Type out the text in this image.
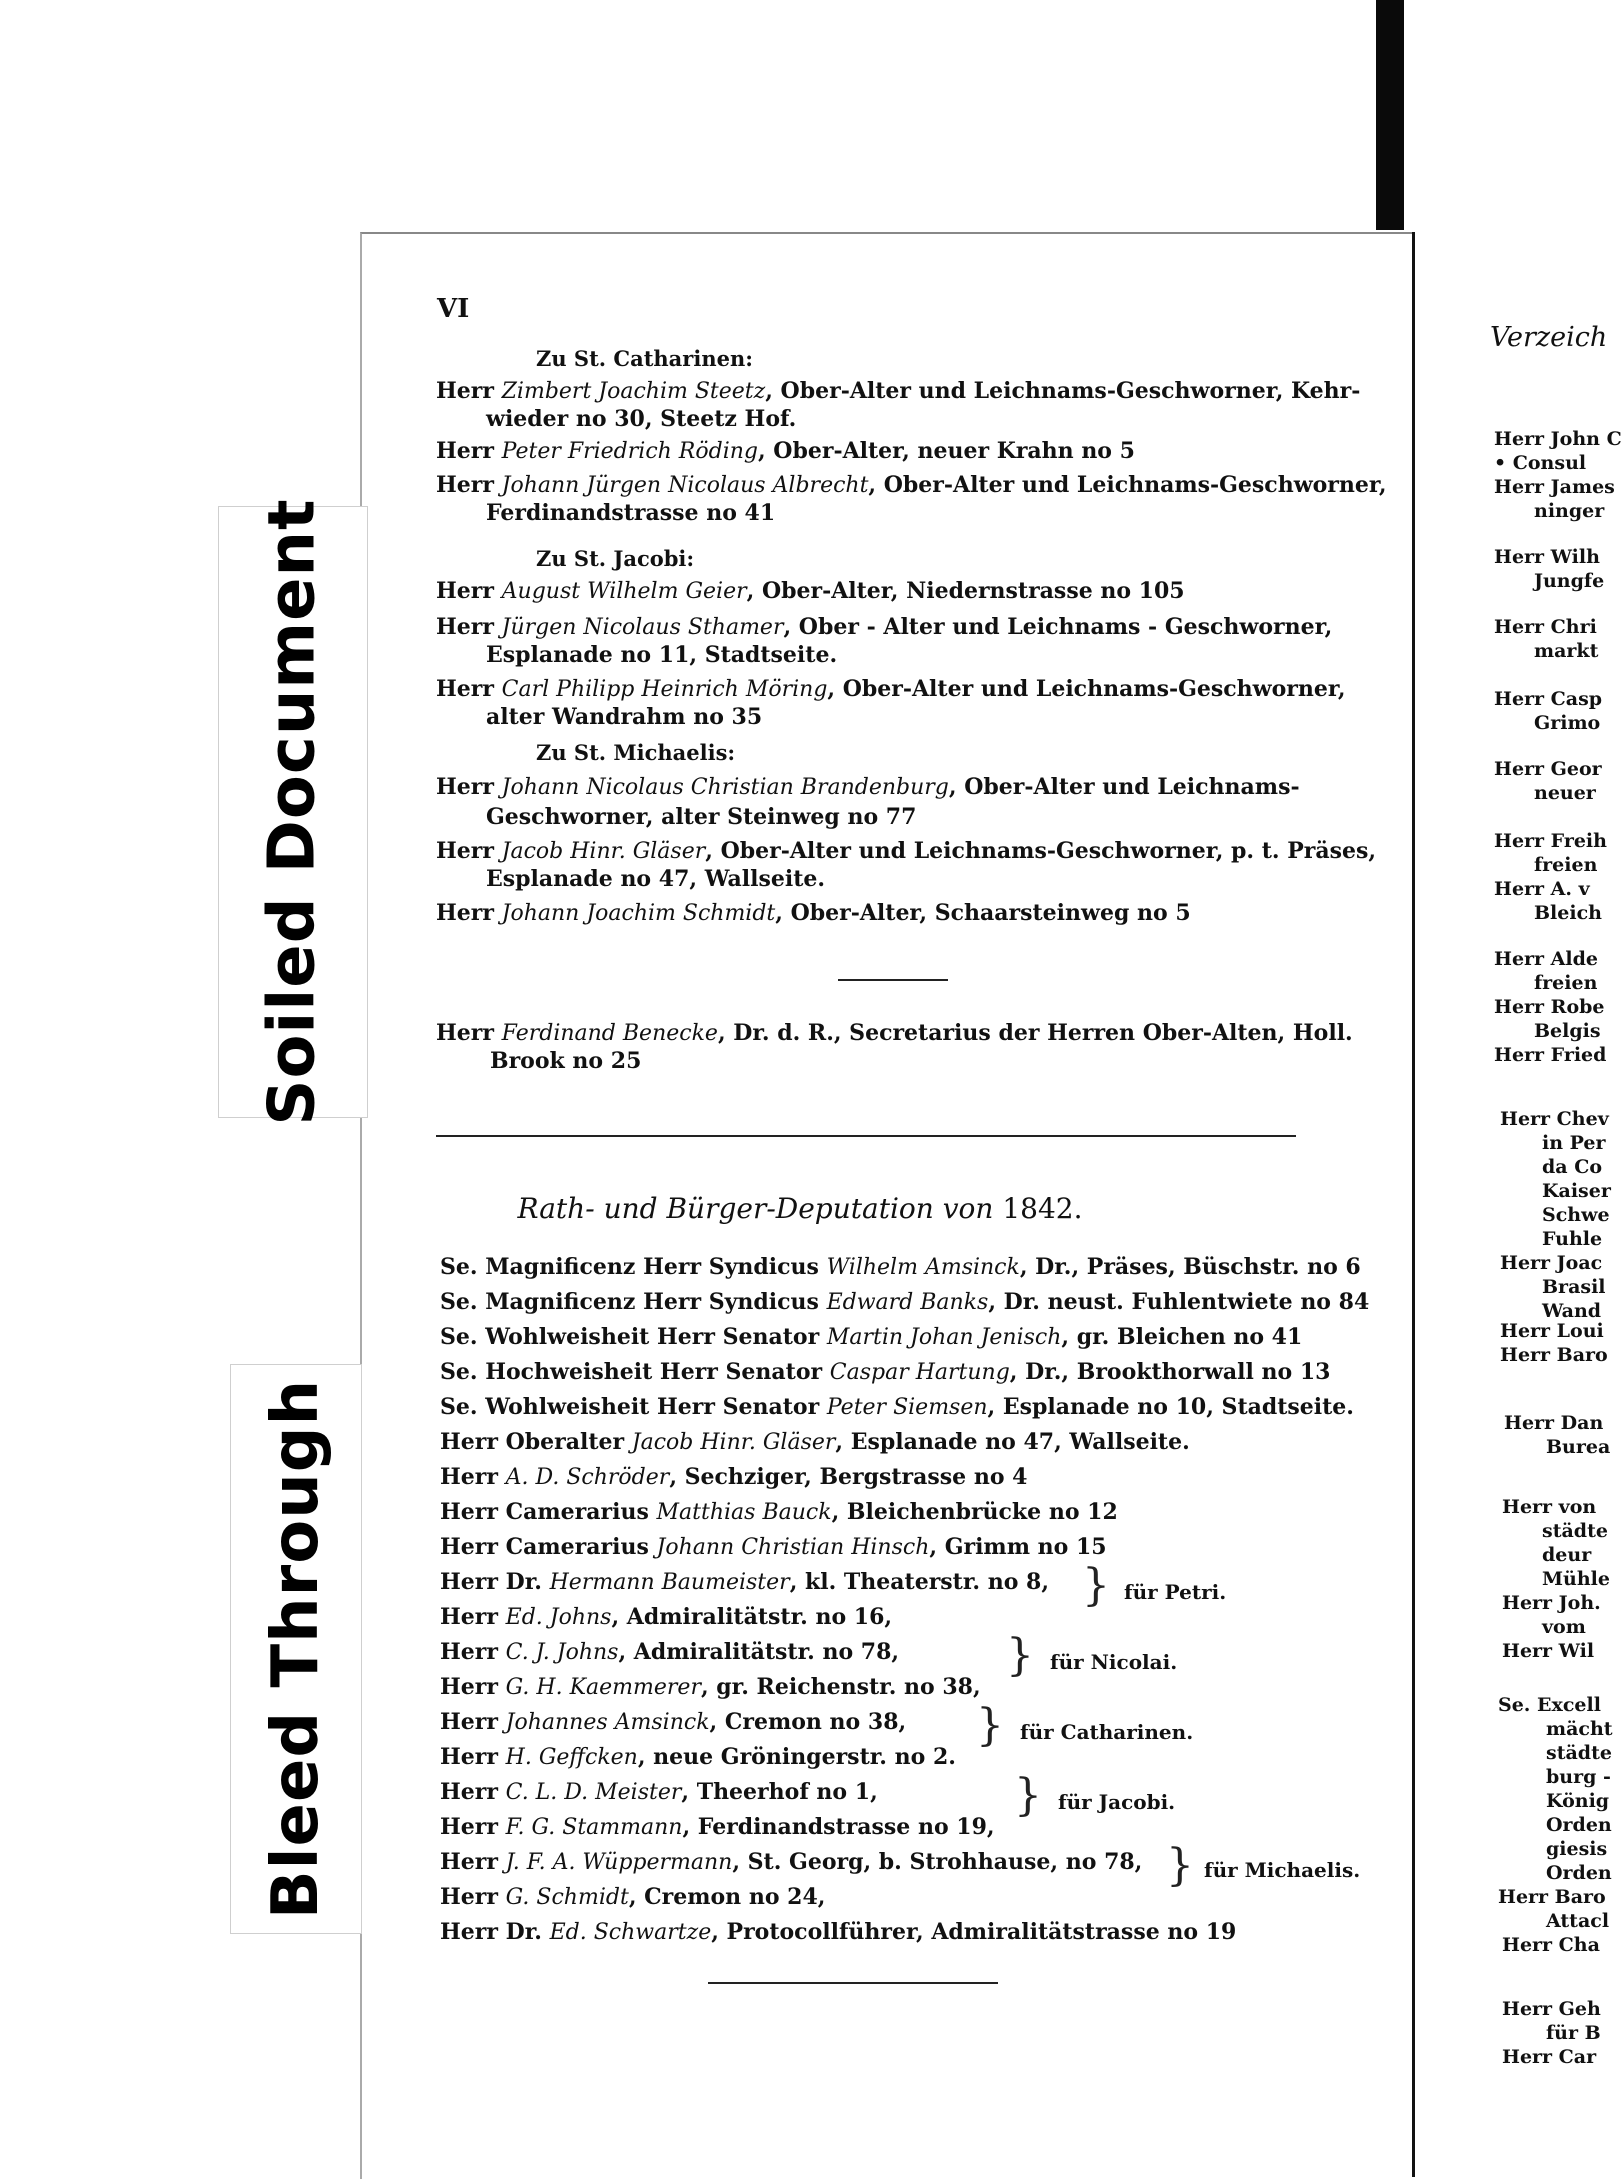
Soiled Document
Bleed Through
VI
Zu St. Catharinen:
Herr Zimbert Joachim Steetz, Ober-Alter und Leichnams-Geschworner, Kehr-
wieder no 30, Steetz Hof.
Herr Peter Friedrich Röding, Ober-Alter, neuer Krahn no 5
Herr Johann Jürgen Nicolaus Albrecht, Ober-Alter und Leichnams-Geschworner,
Ferdinandstrasse no 41
Zu St. Jacobi:
Herr August Wilhelm Geier, Ober-Alter, Niedernstrasse no 105
Herr Jürgen Nicolaus Sthamer, Ober - Alter und Leichnams - Geschworner,
Esplanade no 11, Stadtseite.
Herr Carl Philipp Heinrich Möring, Ober-Alter und Leichnams-Geschworner,
alter Wandrahm no 35
Zu St. Michaelis:
Herr Johann Nicolaus Christian Brandenburg, Ober-Alter und Leichnams-
Geschworner, alter Steinweg no 77
Herr Jacob Hinr. Gläser, Ober-Alter und Leichnams-Geschworner, p. t. Präses,
Esplanade no 47, Wallseite.
Herr Johann Joachim Schmidt, Ober-Alter, Schaarsteinweg no 5
Herr Ferdinand Benecke, Dr. d. R., Secretarius der Herren Ober-Alten, Holl.
Brook no 25
Rath- und Bürger-Deputation von 1842.
Se. Magnificenz Herr Syndicus Wilhelm Amsinck, Dr., Präses, Büschstr. no 6
Se. Magnificenz Herr Syndicus Edward Banks, Dr. neust. Fuhlentwiete no 84
Se. Wohlweisheit Herr Senator Martin Johan Jenisch, gr. Bleichen no 41
Se. Hochweisheit Herr Senator Caspar Hartung, Dr., Brookthorwall no 13
Se. Wohlweisheit Herr Senator Peter Siemsen, Esplanade no 10, Stadtseite.
Herr Oberalter Jacob Hinr. Gläser, Esplanade no 47, Wallseite.
Herr A. D. Schröder, Sechziger, Bergstrasse no 4
Herr Camerarius Matthias Bauck, Bleichenbrücke no 12
Herr Camerarius Johann Christian Hinsch, Grimm no 15
Herr Dr. Hermann Baumeister, kl. Theaterstr. no 8,
Herr Ed. Johns, Admiralitätstr. no 16,
} für Petri.
Herr C. J. Johns, Admiralitätstr. no 78,
Herr G. H. Kaemmerer, gr. Reichenstr. no 38,
} für Nicolai.
Herr Johannes Amsinck, Cremon no 38,
Herr H. Geffcken, neue Gröningerstr. no 2.
} für Catharinen.
Herr C. L. D. Meister, Theerhof no 1,
Herr F. G. Stammann, Ferdinandstrasse no 19,
} für Jacobi.
Herr J. F. A. Wüppermann, St. Georg, b. Strohhause, no 78,
Herr G. Schmidt, Cremon no 24,
} für Michaelis.
Herr Dr. Ed. Schwartze, Protocollführer, Admiralitätstrasse no 19
Verzeich
Herr John C
• Consul
Herr James
ninger
Herr Wilh
Jungfe
Herr Chri
markt
Herr Casp
Grimo
Herr Geor
neuer
Herr Freih
freien
Herr A. v
Bleich
Herr Alde
freien
Herr Robe
Belgis
Herr Fried
Herr Chev
in Per
da Co
Kaiser
Schwe
Fuhle
Herr Joac
Brasil
Wand
Herr Loui
Herr Baro
Herr Dan
Burea
Herr von
städte
deur
Mühle
Herr Joh.
vom
Herr Wil
Se. Excell
mächt
städte
burg -
König
Orden
giesis
Orden
Herr Baro
Attacl
Herr Cha
Herr Geh
für B
Herr Car
